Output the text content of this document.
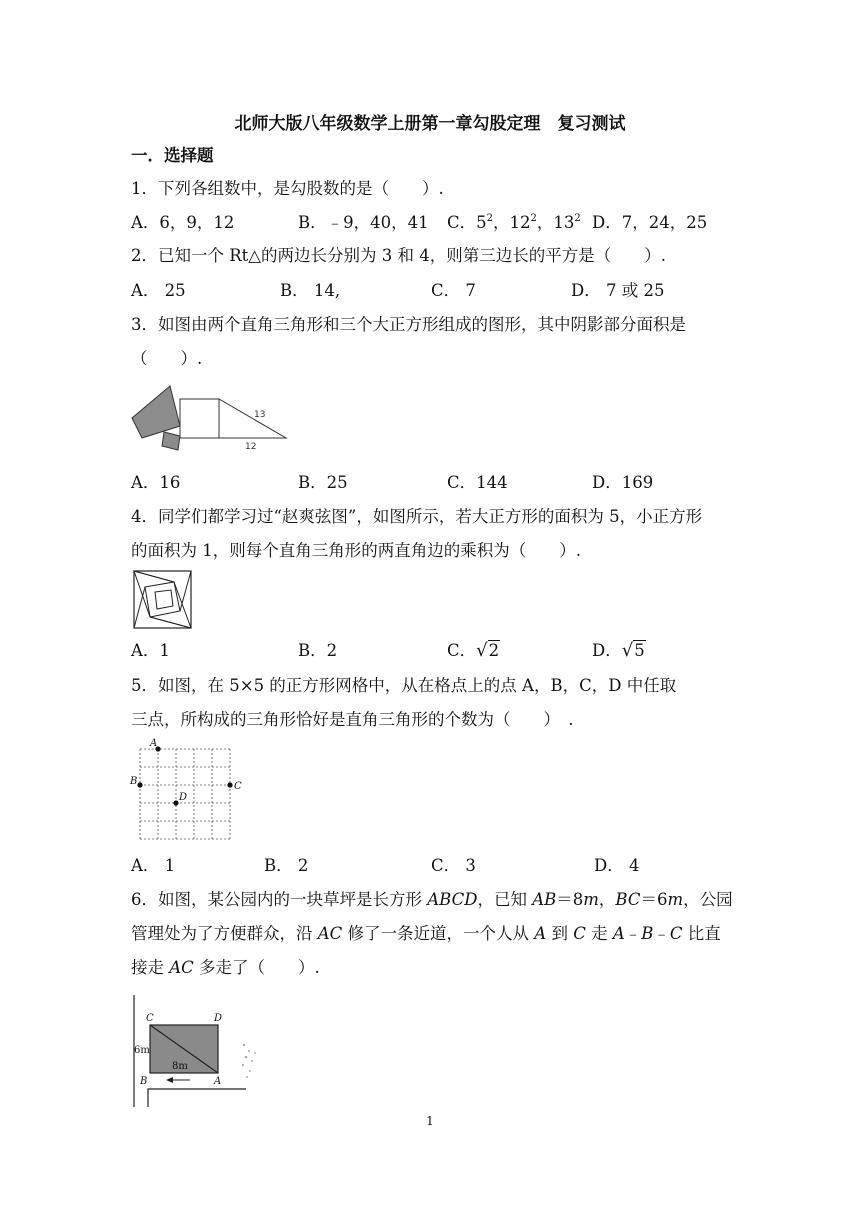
北师大版八年级数学上册第一章勾股定理　复习测试
一．选择题
1．下列各组数中，是勾股数的是（　　）.
A．6，9，12	B．﹣9，40，41 C．$5^2$，$12^2$，$13^2$ D．7，24，25
2．已知一个 Rt△的两边长分别为 3 和 4，则第三边长的平方是（　　）.
A． 25	B． 14,	C． 7	D． 7 或 25
3．如图由两个直角三角形和三个大正方形组成的图形，其中阴影部分面积是
（　　）.
13
12
A．16	B．25	C．144	D．169
4．同学们都学习过“赵爽弦图”，如图所示，若大正方形的面积为 5，小正方形
的面积为 1，则每个直角三角形的两直角边的乘积为（　　）.
A．1	B．2	C．√2	D．√5
5．如图，在 5×5 的正方形网格中，从在格点上的点 A，B，C，D 中任取
三点，所构成的三角形恰好是直角三角形的个数为（　　）　.
A
B	C
D
A． 1	B． 2	C． 3	D． 4
6．如图，某公园内的一块草坪是长方形 ABCD，已知 AB＝8m，BC＝6m，公园
管理处为了方便群众，沿 AC 修了一条近道，一个人从 A 到 C 走 A﹣B﹣C 比直
接走 AC 多走了（　　）.
C	D
6m
8m
B	A
1
